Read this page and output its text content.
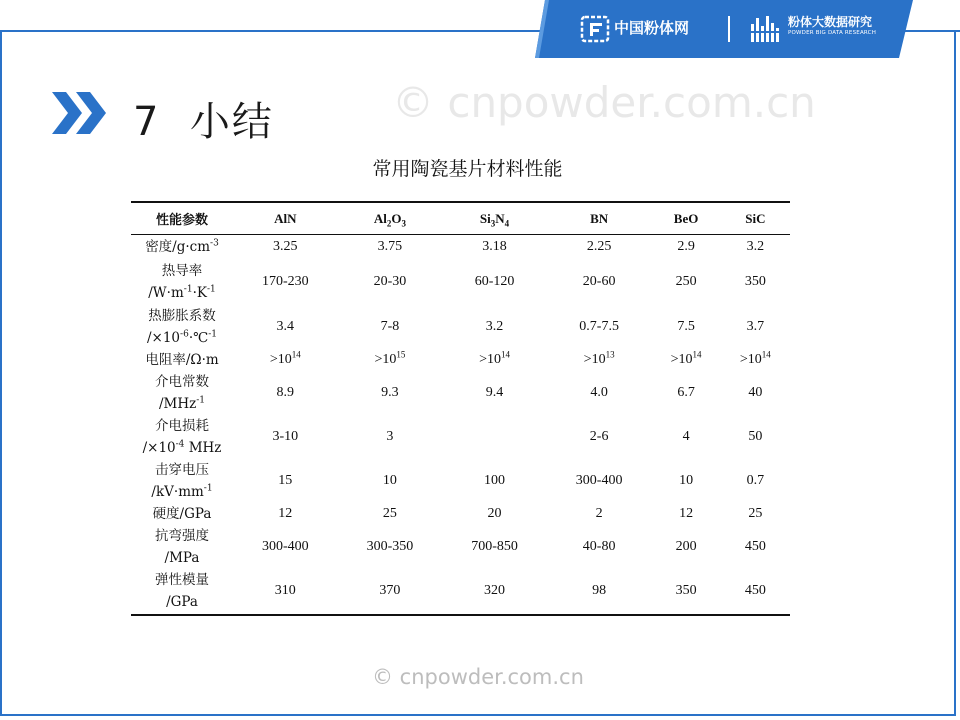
中国粉体网	粉体大数据研究
POWDER BIG DATA RESEARCH
© cnpowder.com.cn
7 小结
常用陶瓷基片材料性能
性能参数	AlN	$Al_2O_3$	$Si_3N_4$	BN	BeO	SiC
密度$/g\cdot cm^{-3}$	3.25	3.75	3.18	2.25	2.9	3.2
热导率
$/W\cdot m^{-1}\cdot K^{-1}$	170-230	20-30	60-120	20-60	250	350
热膨胀系数
$/\times 10^{-6}\cdot℃^{-1}$	3.4	7-8	3.2	0.7-7.5	7.5	3.7
电阻率/Ω·m	$>10^{14}$	$>10^{15}$	$>10^{14}$	$>10^{13}$	$>10^{14}$	$>10^{14}$
介电常数
/MHz$^{-1}$	8.9	9.3	9.4	4.0	6.7	40
介电损耗
$/\times 10^{-4}$ MHz	3-10	3		2-6	4	50
击穿电压
$/kV\cdot mm^{-1}$	15	10	100	300-400	10	0.7
硬度/GPa	12	25	20	2	12	25
抗弯强度
/MPa	300-400	300-350	700-850	40-80	200	450
弹性模量
/GPa	310	370	320	98	350	450
© cnpowder.com.cn
